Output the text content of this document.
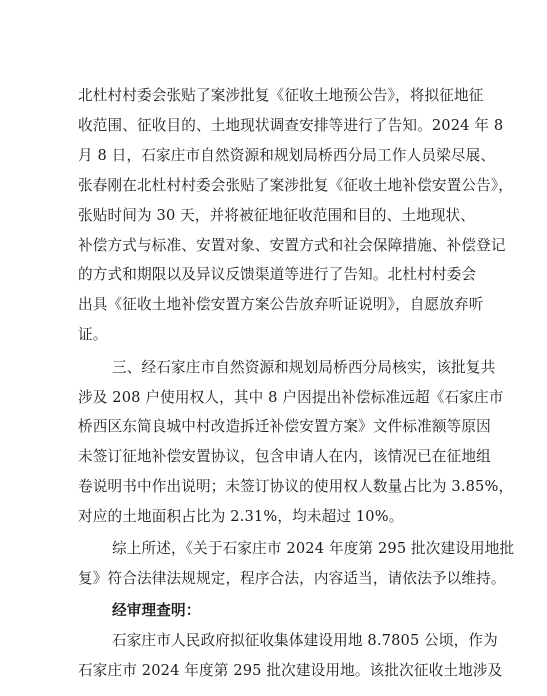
北杜村村委会张贴了案涉批复《征收土地预公告》，将拟征地征
收范围、征收目的、土地现状调查安排等进行了告知。2024 年 8
月 8 日，石家庄市自然资源和规划局桥西分局工作人员梁尽展、
张春刚在北杜村村委会张贴了案涉批复《征收土地补偿安置公告》，
张贴时间为 30 天，并将被征地征收范围和目的、土地现状、
补偿方式与标准、安置对象、安置方式和社会保障措施、补偿登记
的方式和期限以及异议反馈渠道等进行了告知。北杜村村委会
出具《征收土地补偿安置方案公告放弃听证说明》，自愿放弃听
证。
三、经石家庄市自然资源和规划局桥西分局核实，该批复共
涉及 208 户使用权人，其中 8 户因提出补偿标准远超《石家庄市
桥西区东简良城中村改造拆迁补偿安置方案》文件标准额等原因
未签订征地补偿安置协议，包含申请人在内，该情况已在征地组
卷说明书中作出说明；未签订协议的使用权人数量占比为 3.85%，
对应的土地面积占比为 2.31%，均未超过 10%。
综上所述，《关于石家庄市 2024 年度第 295 批次建设用地批
复》符合法律法规规定，程序合法，内容适当，请依法予以维持。
经审理查明：
石家庄市人民政府拟征收集体建设用地 8.7805 公顷，作为
石家庄市 2024 年度第 295 批次建设用地。该批次征收土地涉及
